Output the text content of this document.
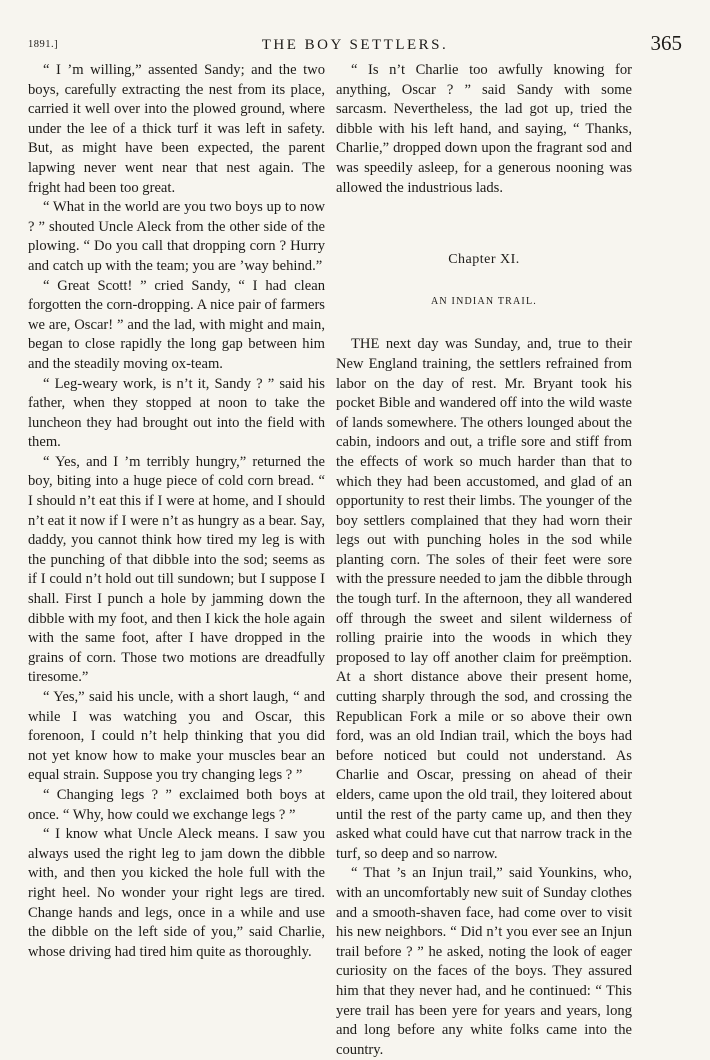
1891.]	THE BOY SETTLERS.	365

“ I ’m willing,” assented Sandy; and the two boys, carefully extracting the nest from its place, carried it well over into the plowed ground, where under the lee of a thick turf it was left in safety. But, as might have been expected, the parent lapwing never went near that nest again. The fright had been too great.

“ What in the world are you two boys up to now ? ” shouted Uncle Aleck from the other side of the plowing. “ Do you call that dropping corn ? Hurry and catch up with the team; you are ’way behind.”

“ Great Scott! ” cried Sandy, “ I had clean forgotten the corn-dropping. A nice pair of farmers we are, Oscar! ” and the lad, with might and main, began to close rapidly the long gap between him and the steadily moving ox-team.

“ Leg-weary work, is n’t it, Sandy ? ” said his father, when they stopped at noon to take the luncheon they had brought out into the field with them.

“ Yes, and I ’m terribly hungry,” returned the boy, biting into a huge piece of cold corn bread. “ I should n’t eat this if I were at home, and I should n’t eat it now if I were n’t as hungry as a bear. Say, daddy, you cannot think how tired my leg is with the punching of that dibble into the sod; seems as if I could n’t hold out till sundown; but I suppose I shall. First I punch a hole by jamming down the dibble with my foot, and then I kick the hole again with the same foot, after I have dropped in the grains of corn. Those two motions are dreadfully tiresome.”

“ Yes,” said his uncle, with a short laugh, “ and while I was watching you and Oscar, this forenoon, I could n’t help thinking that you did not yet know how to make your muscles bear an equal strain. Suppose you try changing legs ? ”

“ Changing legs ? ” exclaimed both boys at once. “ Why, how could we exchange legs ? ”

“ I know what Uncle Aleck means. I saw you always used the right leg to jam down the dibble with, and then you kicked the hole full with the right heel. No wonder your right legs are tired. Change hands and legs, once in a while and use the dibble on the left side of you,” said Charlie, whose driving had tired him quite as thoroughly.

“ Is n’t Charlie too awfully knowing for anything, Oscar ? ” said Sandy with some sarcasm. Nevertheless, the lad got up, tried the dibble with his left hand, and saying, “ Thanks, Charlie,” dropped down upon the fragrant sod and was speedily asleep, for a generous nooning was allowed the industrious lads.

Chapter XI.
AN INDIAN TRAIL.

THE next day was Sunday, and, true to their New England training, the settlers refrained from labor on the day of rest. Mr. Bryant took his pocket Bible and wandered off into the wild waste of lands somewhere. The others lounged about the cabin, indoors and out, a trifle sore and stiff from the effects of work so much harder than that to which they had been accustomed, and glad of an opportunity to rest their limbs. The younger of the boy settlers complained that they had worn their legs out with punching holes in the sod while planting corn. The soles of their feet were sore with the pressure needed to jam the dibble through the tough turf. In the afternoon, they all wandered off through the sweet and silent wilderness of rolling prairie into the woods in which they proposed to lay off another claim for preëmption. At a short distance above their present home, cutting sharply through the sod, and crossing the Republican Fork a mile or so above their own ford, was an old Indian trail, which the boys had before noticed but could not understand. As Charlie and Oscar, pressing on ahead of their elders, came upon the old trail, they loitered about until the rest of the party came up, and then they asked what could have cut that narrow track in the turf, so deep and so narrow.

“ That ’s an Injun trail,” said Younkins, who, with an uncomfortably new suit of Sunday clothes and a smooth-shaven face, had come over to visit his new neighbors. “ Did n’t you ever see an Injun trail before ? ” he asked, noting the look of eager curiosity on the faces of the boys. They assured him that they never had, and he continued: “ This yere trail has been yere for years and years, long and long before any white folks came into the country.
